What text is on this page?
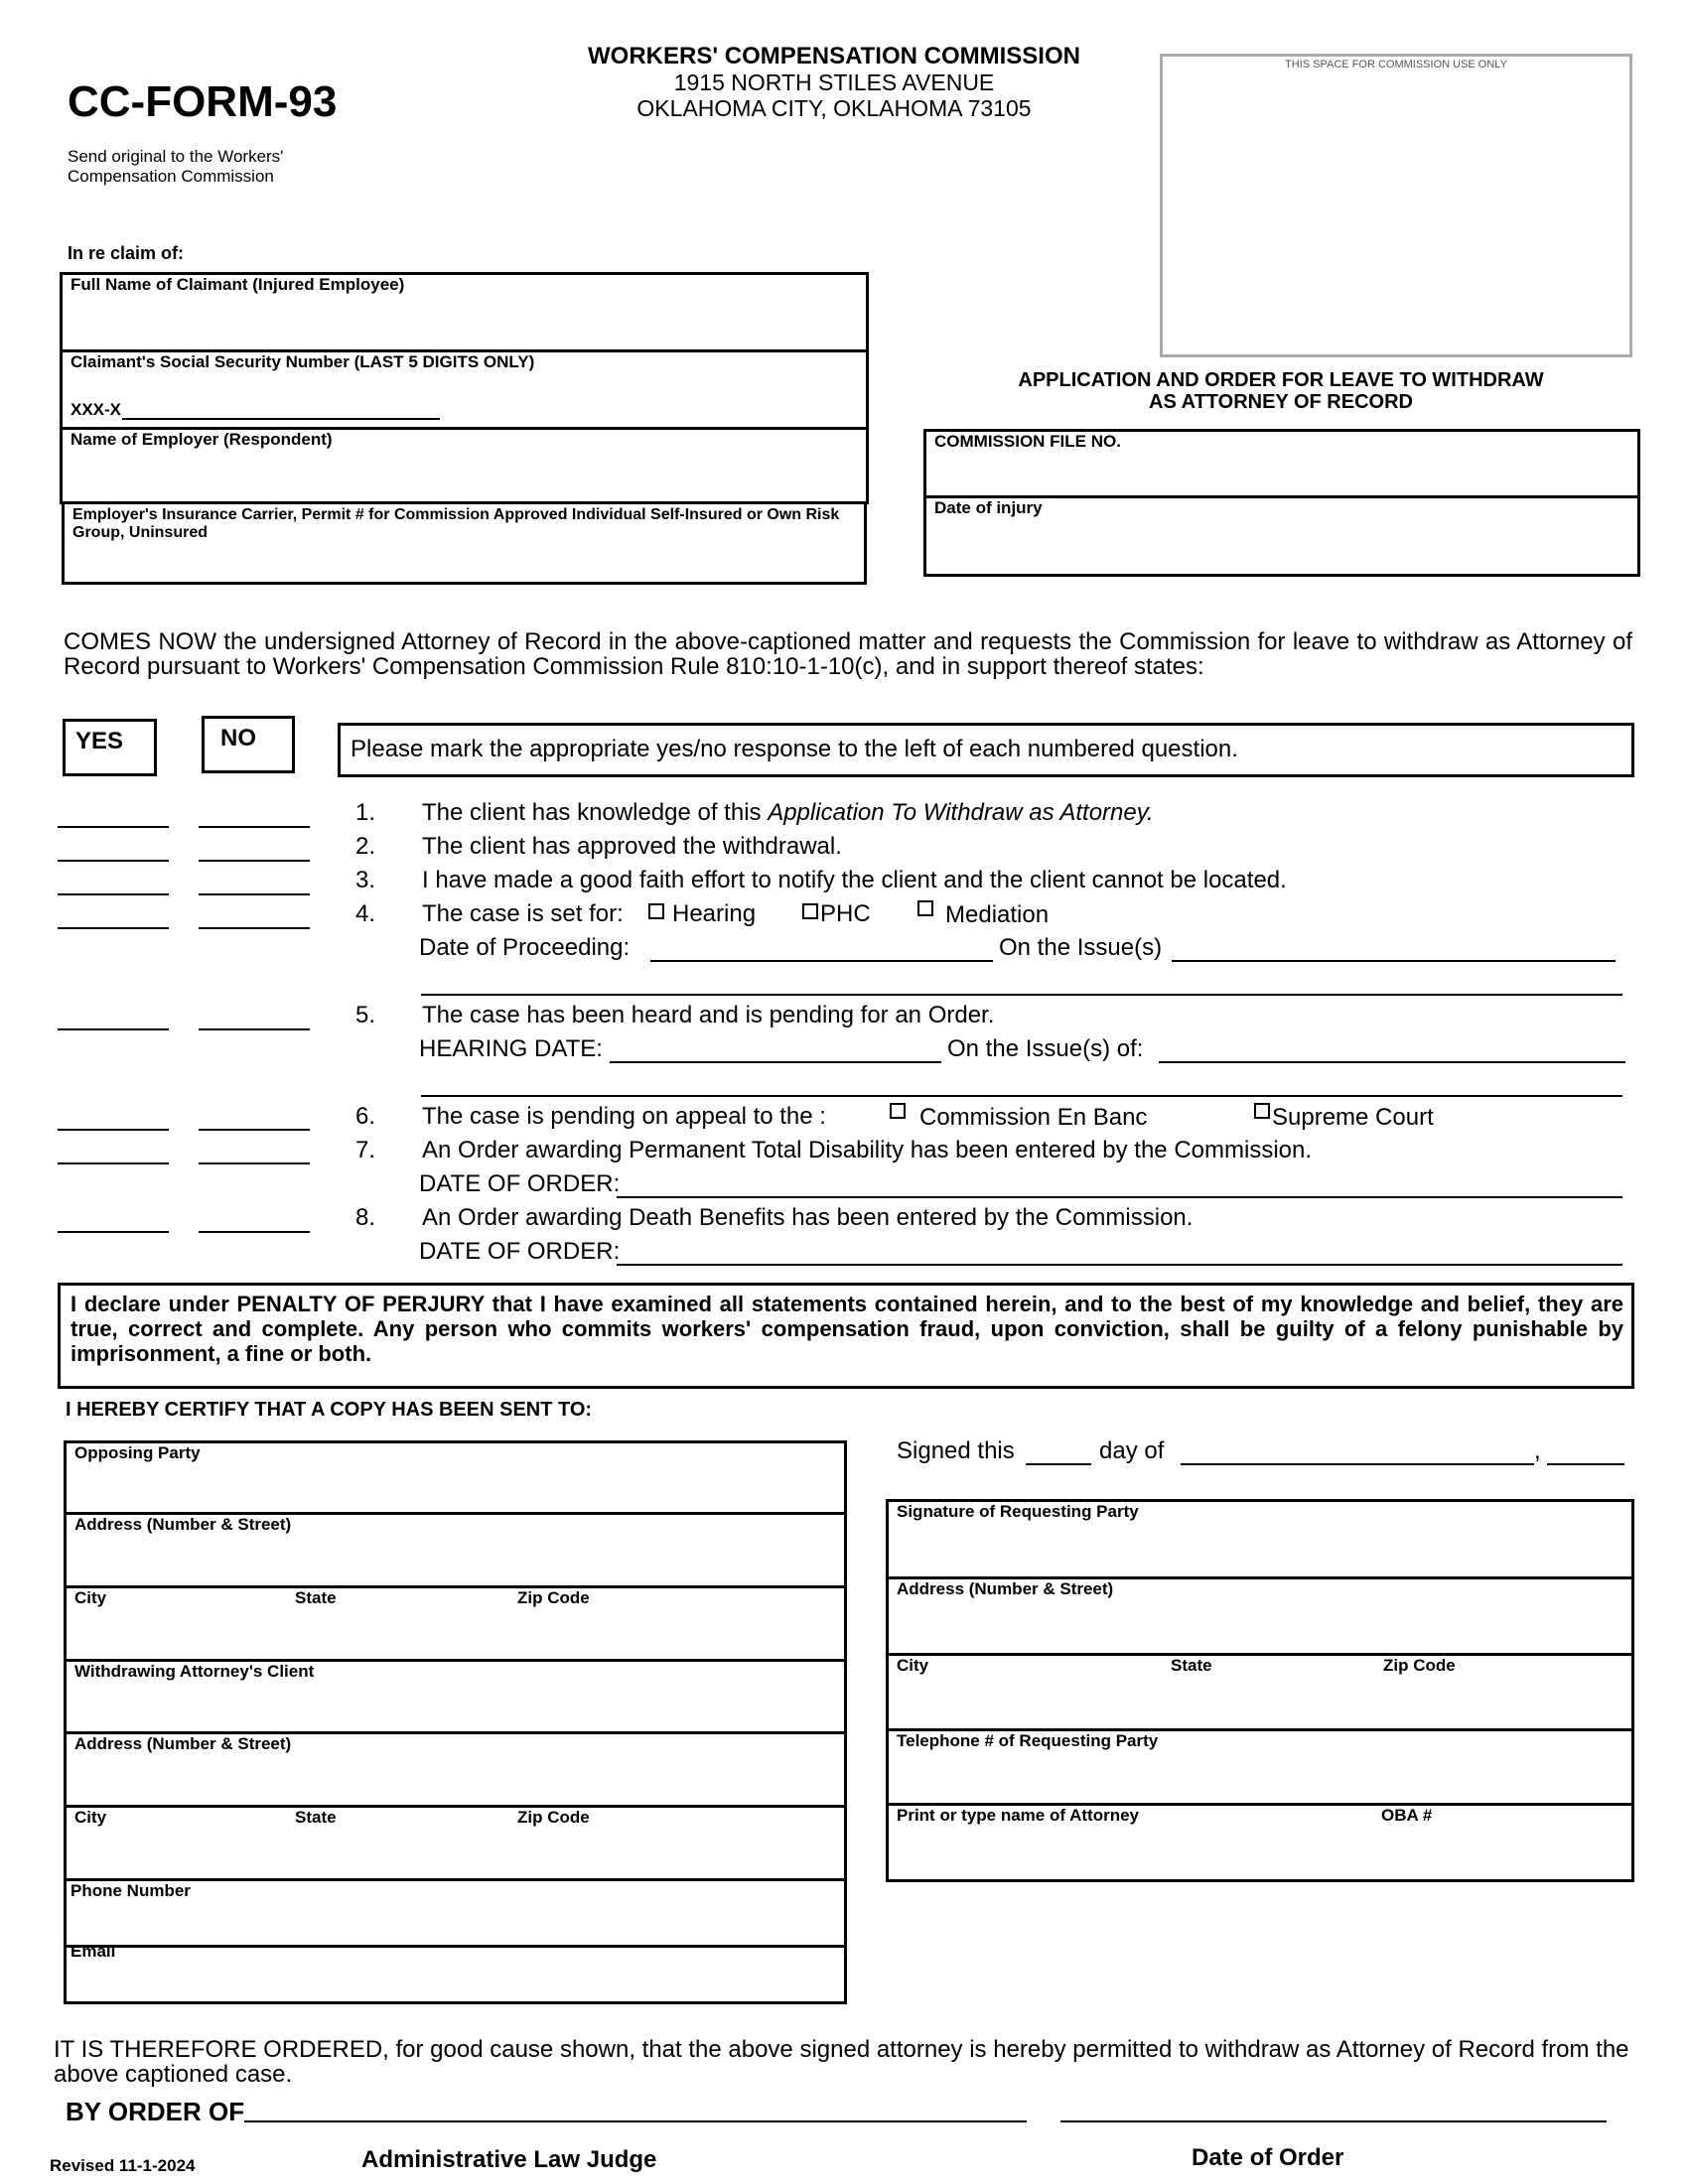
CC-FORM-93
Send original to the Workers' Compensation Commission
WORKERS' COMPENSATION COMMISSION
1915 NORTH STILES AVENUE
OKLAHOMA CITY, OKLAHOMA 73105
THIS SPACE FOR COMMISSION USE ONLY
In re claim of:
Full Name of Claimant (Injured Employee)
Claimant's Social Security Number (LAST 5 DIGITS ONLY)
XXX-X
Name of Employer (Respondent)
Employer's Insurance Carrier, Permit # for Commission Approved Individual Self-Insured or Own Risk Group, Uninsured
APPLICATION AND ORDER FOR LEAVE TO WITHDRAW
AS ATTORNEY OF RECORD
COMMISSION FILE NO.
Date of injury
COMES NOW the undersigned Attorney of Record in the above-captioned matter and requests the Commission for leave to withdraw as Attorney of Record pursuant to Workers' Compensation Commission Rule 810:10-1-10(c), and in support thereof states:
YES	NO	Please mark the appropriate yes/no response to the left of each numbered question.
1. The client has knowledge of this Application To Withdraw as Attorney.
2. The client has approved the withdrawal.
3. I have made a good faith effort to notify the client and the client cannot be located.
4. The case is set for:	Hearing	PHC	Mediation
Date of Proceeding:	On the Issue(s)
5. The case has been heard and is pending for an Order.
HEARING DATE:	On the Issue(s) of:
6. The case is pending on appeal to the :	Commission En Banc	Supreme Court
7. An Order awarding Permanent Total Disability has been entered by the Commission.
DATE OF ORDER:
8. An Order awarding Death Benefits has been entered by the Commission.
DATE OF ORDER:
I declare under PENALTY OF PERJURY that I have examined all statements contained herein, and to the best of my knowledge and belief, they are true, correct and complete. Any person who commits workers' compensation fraud, upon conviction, shall be guilty of a felony punishable by imprisonment, a fine or both.
I HEREBY CERTIFY THAT A COPY HAS BEEN SENT TO:
Opposing Party
Address (Number & Street)
City	State	Zip Code
Withdrawing Attorney's Client
Address (Number & Street)
City	State	Zip Code
Phone Number
Email
Signed this	day of	,
Signature of Requesting Party
Address (Number & Street)
City	State	Zip Code
Telephone # of Requesting Party
Print or type name of Attorney	OBA #
IT IS THEREFORE ORDERED, for good cause shown, that the above signed attorney is hereby permitted to withdraw as Attorney of Record from the above captioned case.
BY ORDER OF
Administrative Law Judge	Date of Order
Revised 11-1-2024
